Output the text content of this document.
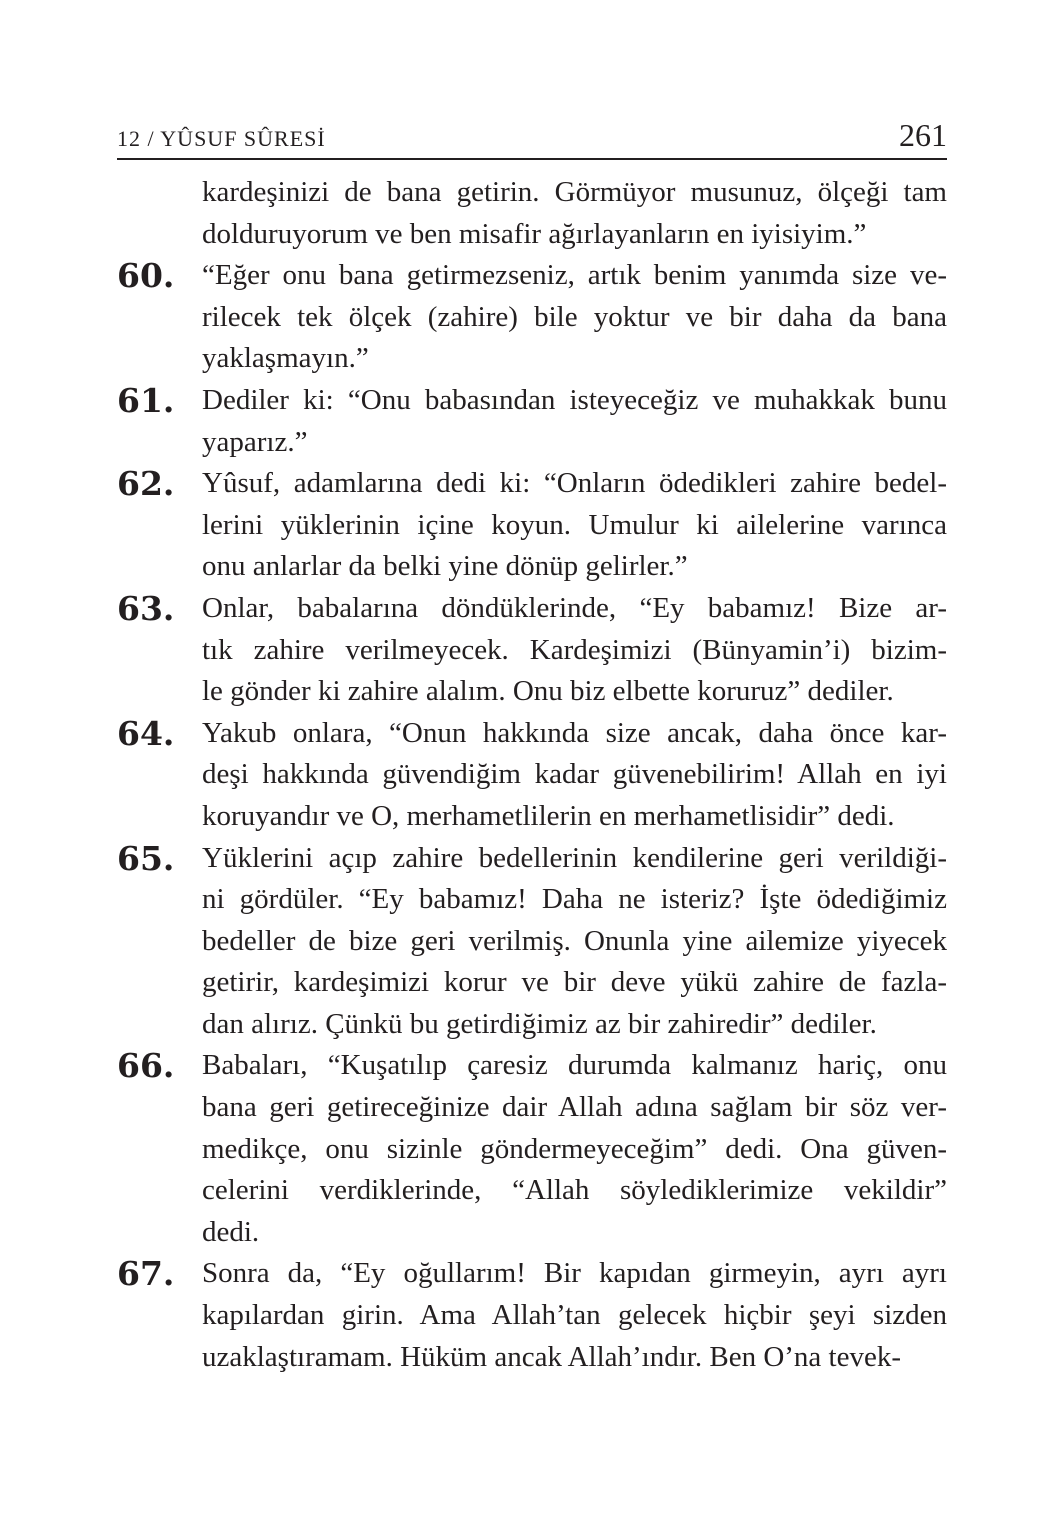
12 / YÛSUF SÛRESİ	261
kardeşinizi de bana getirin. Görmüyor musunuz, ölçeği tam
dolduruyorum ve ben misafir ağırlayanların en iyisiyim.”
60. “Eğer onu bana getirmezseniz, artık benim yanımda size ve-
rilecek tek ölçek (zahire) bile yoktur ve bir daha da bana
yaklaşmayın.”
61. Dediler ki: “Onu babasından isteyeceğiz ve muhakkak bunu
yaparız.”
62. Yûsuf, adamlarına dedi ki: “Onların ödedikleri zahire bedel-
lerini yüklerinin içine koyun. Umulur ki ailelerine varınca
onu anlarlar da belki yine dönüp gelirler.”
63. Onlar, babalarına döndüklerinde, “Ey babamız! Bize ar-
tık zahire verilmeyecek. Kardeşimizi (Bünyamin’i) bizim-
le gönder ki zahire alalım. Onu biz elbette koruruz” dediler.
64. Yakub onlara, “Onun hakkında size ancak, daha önce kar-
deşi hakkında güvendiğim kadar güvenebilirim! Allah en iyi
koruyandır ve O, merhametlilerin en merhametlisidir” dedi.
65. Yüklerini açıp zahire bedellerinin kendilerine geri verildiği-
ni gördüler. “Ey babamız! Daha ne isteriz? İşte ödediğimiz
bedeller de bize geri verilmiş. Onunla yine ailemize yiyecek
getirir, kardeşimizi korur ve bir deve yükü zahire de fazla-
dan alırız. Çünkü bu getirdiğimiz az bir zahiredir” dediler.
66. Babaları, “Kuşatılıp çaresiz durumda kalmanız hariç, onu
bana geri getireceğinize dair Allah adına sağlam bir söz ver-
medikçe, onu sizinle göndermeyeceğim” dedi. Ona güven-
celerini verdiklerinde, “Allah söylediklerimize vekildir”
dedi.
67. Sonra da, “Ey oğullarım! Bir kapıdan girmeyin, ayrı ayrı
kapılardan girin. Ama Allah’tan gelecek hiçbir şeyi sizden
uzaklaştıramam. Hüküm ancak Allah’ındır. Ben O’na tevek-
